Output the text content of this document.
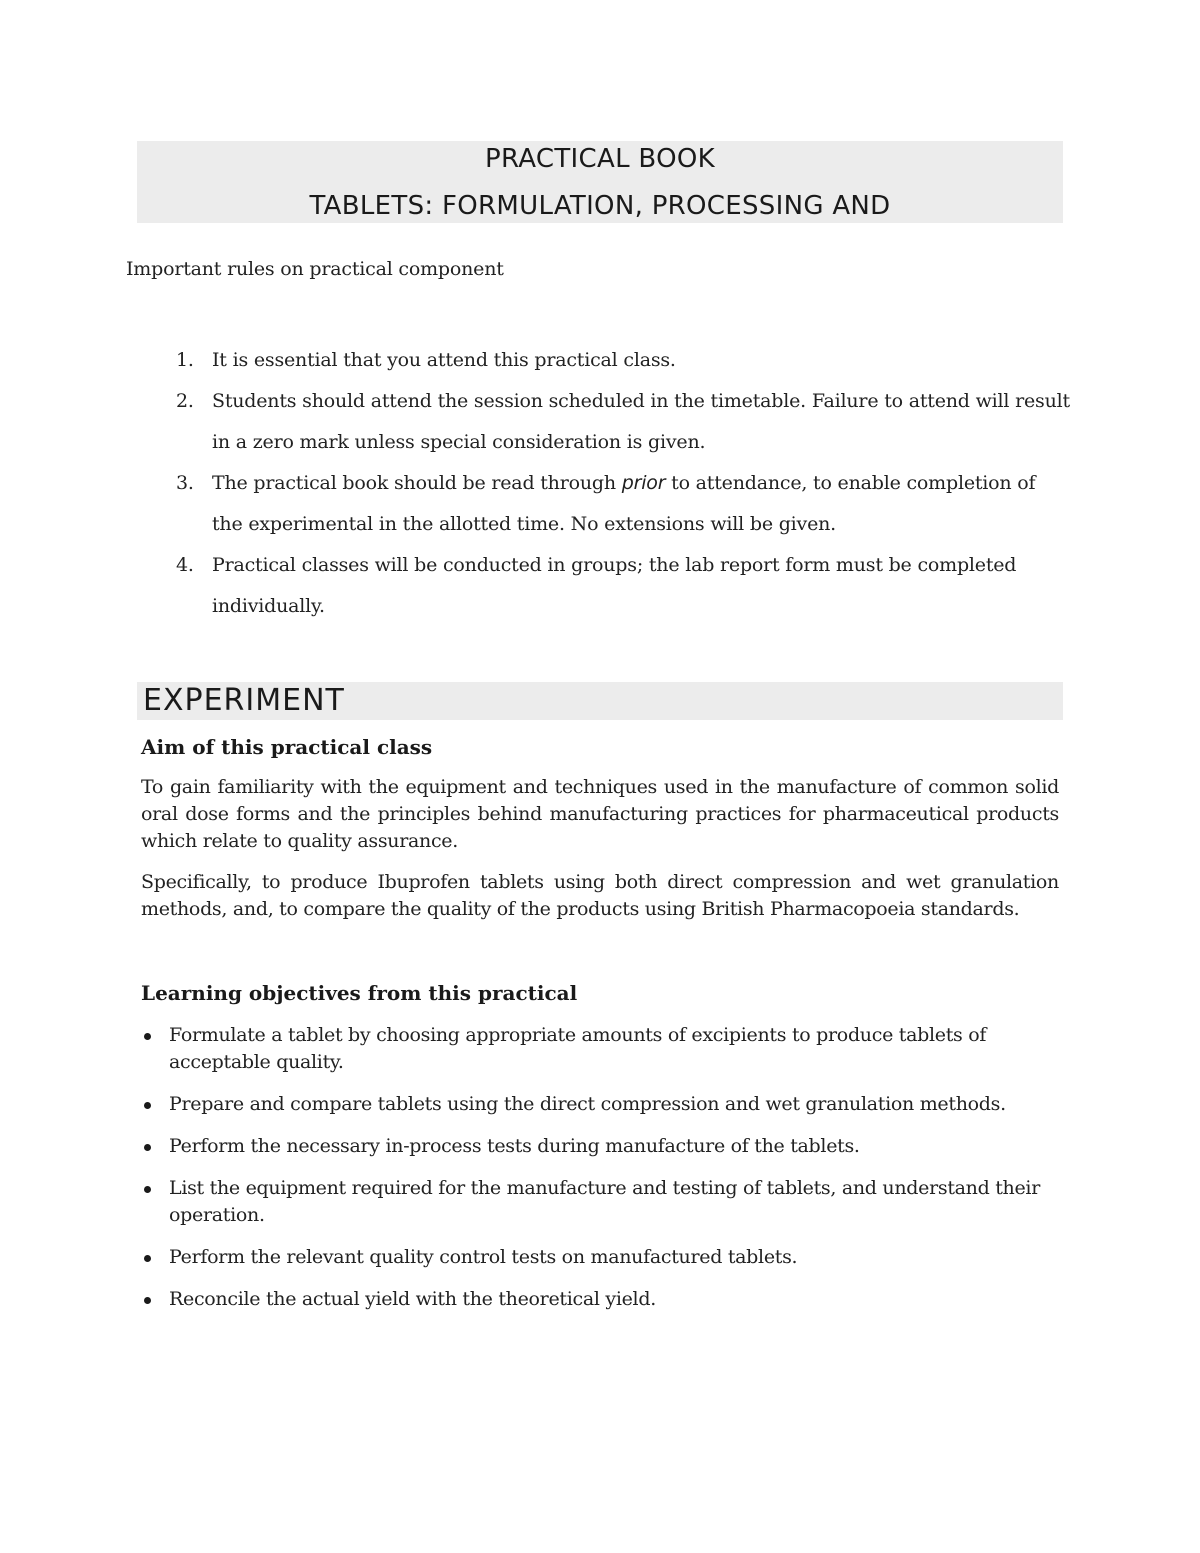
PRACTICAL BOOK
TABLETS: FORMULATION, PROCESSING AND
Important rules on practical component
1. It is essential that you attend this practical class.
2. Students should attend the session scheduled in the timetable. Failure to attend will result in a zero mark unless special consideration is given.
3. The practical book should be read through prior to attendance, to enable completion of the experimental in the allotted time. No extensions will be given.
4. Practical classes will be conducted in groups; the lab report form must be completed individually.
EXPERIMENT
Aim of this practical class

To gain familiarity with the equipment and techniques used in the manufacture of common solid oral dose forms and the principles behind manufacturing practices for pharmaceutical products which relate to quality assurance.

Specifically, to produce Ibuprofen tablets using both direct compression and wet granulation methods, and, to compare the quality of the products using British Pharmacopoeia standards.

Learning objectives from this practical
Formulate a tablet by choosing appropriate amounts of excipients to produce tablets of acceptable quality.
Prepare and compare tablets using the direct compression and wet granulation methods.
Perform the necessary in-process tests during manufacture of the tablets.
List the equipment required for the manufacture and testing of tablets, and understand their operation.
Perform the relevant quality control tests on manufactured tablets.
Reconcile the actual yield with the theoretical yield.
